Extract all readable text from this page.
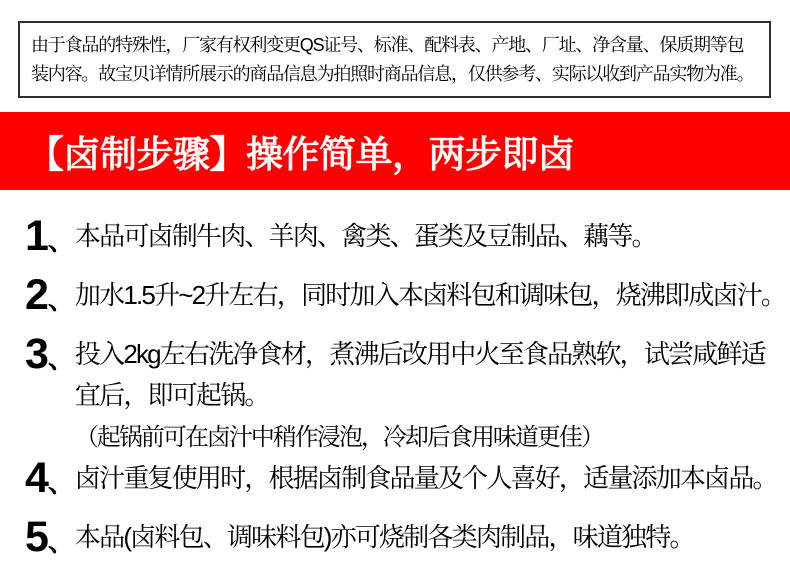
由于食品的特殊性，厂家有权利变更QS证号、标准、配料表、产地、厂址、净含量、保质期等包
装内容。故宝贝详情所展示的商品信息为拍照时商品信息，仅供参考、实际以收到产品实物为准。
【卤制步骤】操作简单，两步即卤
1、 本品可卤制牛肉、羊肉、禽类、蛋类及豆制品、藕等。
2、 加水1.5升~2升左右，同时加入本卤料包和调味包，烧沸即成卤汁。
3、 投入2kg左右洗净食材，煮沸后改用中火至食品熟软，试尝咸鲜适宜后，即可起锅。（起锅前可在卤汁中稍作浸泡，冷却后食用味道更佳）
4、 卤汁重复使用时，根据卤制食品量及个人喜好，适量添加本卤品。
5、 本品(卤料包、调味料包)亦可烧制各类肉制品，味道独特。
